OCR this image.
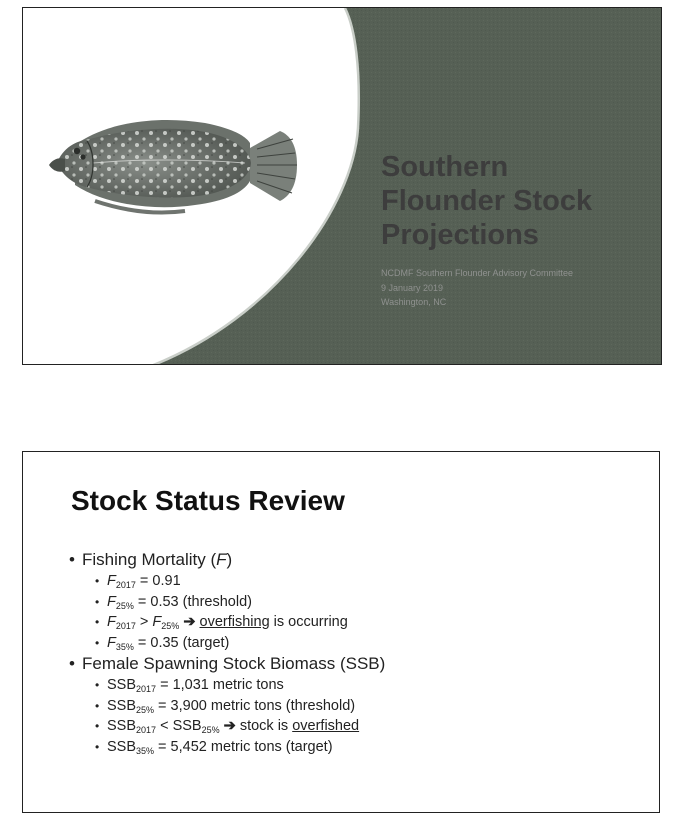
Southern
Flounder Stock
Projections
NCDMF Southern Flounder Advisory Committee
9 January 2019
Washington, NC
Stock Status Review
• Fishing Mortality (F)
• $F_{2017} = 0.91$
• $F_{25\%} = 0.53$ (threshold)
• $F_{2017} > F_{25\%}$ ➔ overfishing is occurring
• $F_{35\%} = 0.35$ (target)
• Female Spawning Stock Biomass (SSB)
• $SSB_{2017} = 1,031$ metric tons
• $SSB_{25\%} = 3,900$ metric tons (threshold)
• $SSB_{2017} < SSB_{25\%}$ ➔ stock is overfished
• $SSB_{35\%} = 5,452$ metric tons (target)
